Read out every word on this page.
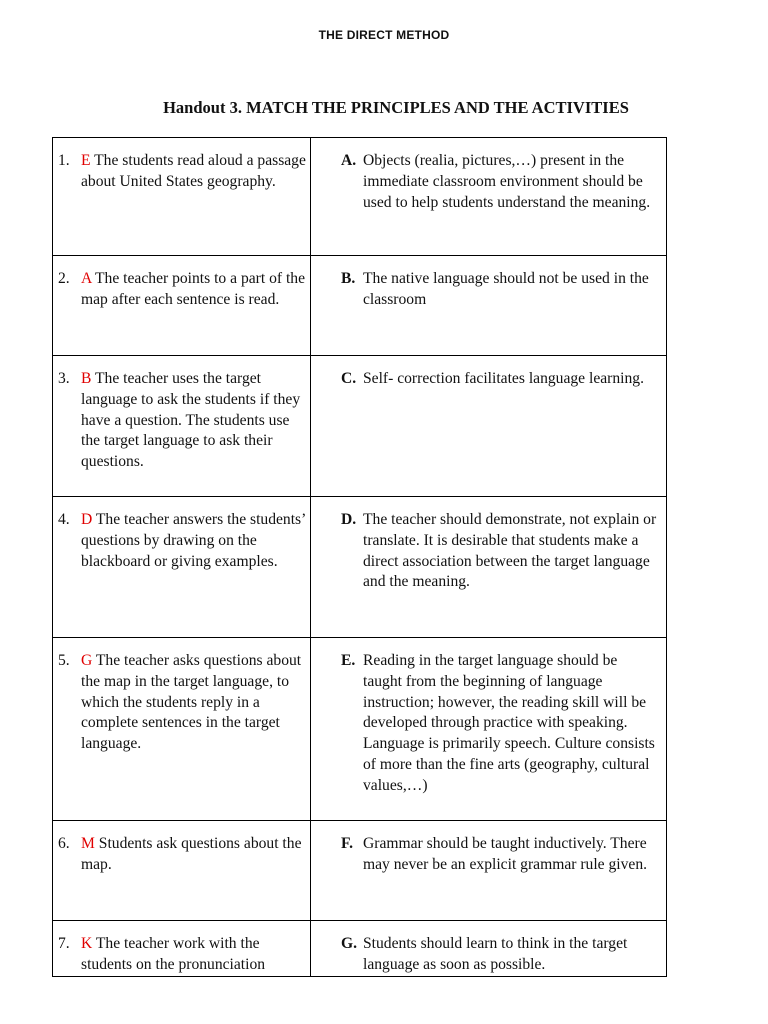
THE DIRECT METHOD
Handout 3. MATCH THE PRINCIPLES AND THE ACTIVITIES
1. E The students read aloud a passage about United States geography.	A. Objects (realia, pictures,…) present in the immediate classroom environment should be used to help students understand the meaning.

2. A The teacher points to a part of the map after each sentence is read.	B. The native language should not be used in the classroom

3. B The teacher uses the target language to ask the students if they have a question. The students use the target language to ask their questions.	C. Self- correction facilitates language learning.

4. D The teacher answers the students’ questions by drawing on the blackboard or giving examples.	D. The teacher should demonstrate, not explain or translate. It is desirable that students make a direct association between the target language and the meaning.

5. G The teacher asks questions about the map in the target language, to which the students reply in a complete sentences in the target language.	E. Reading in the target language should be taught from the beginning of language instruction; however, the reading skill will be developed through practice with speaking. Language is primarily speech. Culture consists of more than the fine arts (geography, cultural values,…)

6. M Students ask questions about the map.	F. Grammar should be taught inductively. There may never be an explicit grammar rule given.

7. K The teacher work with the students on the pronunciation	G. Students should learn to think in the target language as soon as possible.
